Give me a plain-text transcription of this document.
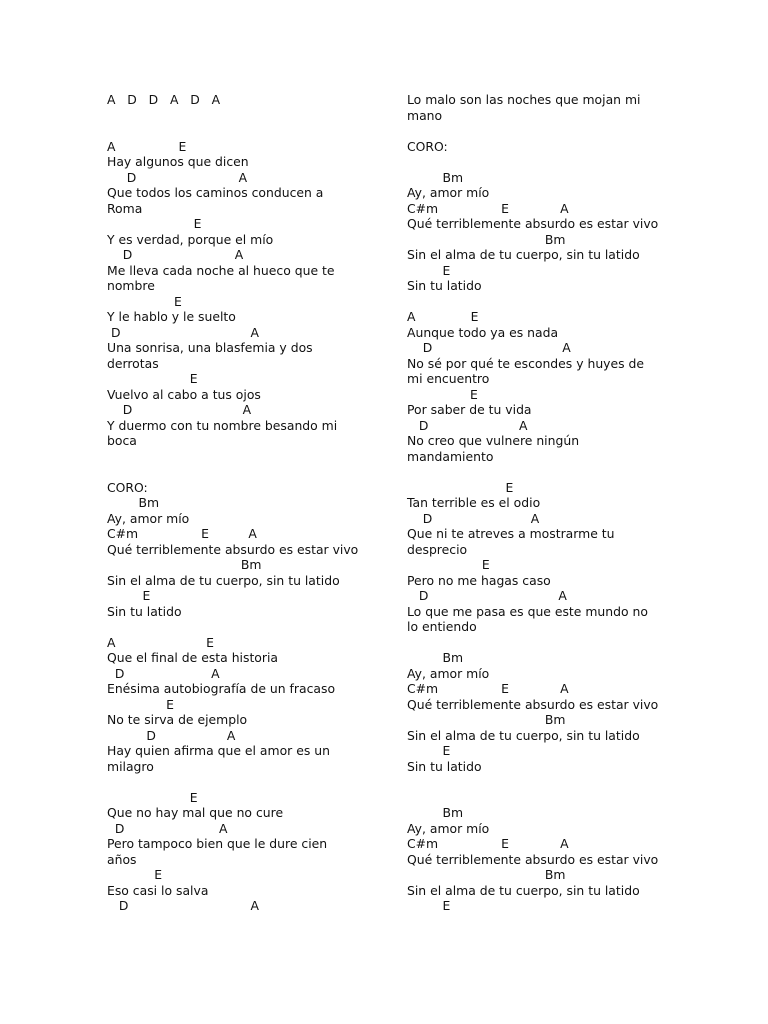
A   D   D   A   D   A
A                E
Hay algunos que dicen
D                          A
Que todos los caminos conducen a
Roma
E
Y es verdad, porque el mío
D                          A
Me lleva cada noche al hueco que te
nombre
E
Y le hablo y le suelto
D                                 A
Una sonrisa, una blasfemia y dos
derrotas
E
Vuelvo al cabo a tus ojos
D                            A
Y duermo con tu nombre besando mi
boca
CORO:
Bm
Ay, amor mío
C#m                E          A
Qué terriblemente absurdo es estar vivo
Bm
Sin el alma de tu cuerpo, sin tu latido
E
Sin tu latido
A                       E
Que el final de esta historia
D                      A
Enésima autobiografía de un fracaso
E
No te sirva de ejemplo
D                  A
Hay quien afirma que el amor es un
milagro
E
Que no hay mal que no cure
D                        A
Pero tampoco bien que le dure cien
años
E
Eso casi lo salva
D                               A
Lo malo son las noches que mojan mi
mano
CORO:
Bm
Ay, amor mío
C#m                E             A
Qué terriblemente absurdo es estar vivo
Bm
Sin el alma de tu cuerpo, sin tu latido
E
Sin tu latido
A              E
Aunque todo ya es nada
D                                 A
No sé por qué te escondes y huyes de
mi encuentro
E
Por saber de tu vida
D                       A
No creo que vulnere ningún
mandamiento
E
Tan terrible es el odio
D                         A
Que ni te atreves a mostrarme tu
desprecio
E
Pero no me hagas caso
D                                 A
Lo que me pasa es que este mundo no
lo entiendo
Bm
Ay, amor mío
C#m                E             A
Qué terriblemente absurdo es estar vivo
Bm
Sin el alma de tu cuerpo, sin tu latido
E
Sin tu latido
Bm
Ay, amor mío
C#m                E             A
Qué terriblemente absurdo es estar vivo
Bm
Sin el alma de tu cuerpo, sin tu latido
E
